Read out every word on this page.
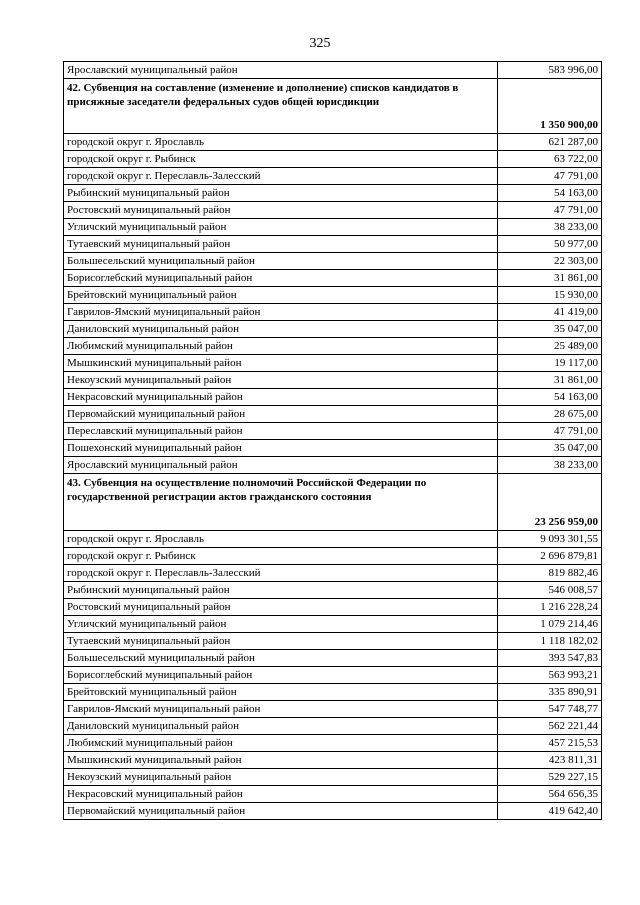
325
Ярославский муниципальный район	583 996,00
42. Субвенция на составление (изменение и дополнение) списков кандидатов в присяжные заседатели федеральных судов общей юрисдикции	1 350 900,00
городской округ г. Ярославль	621 287,00
городской округ г. Рыбинск	63 722,00
городской округ г. Переславль-Залесский	47 791,00
Рыбинский муниципальный район	54 163,00
Ростовский муниципальный район	47 791,00
Угличский муниципальный район	38 233,00
Тутаевский муниципальный район	50 977,00
Большесельский муниципальный район	22 303,00
Борисоглебский муниципальный район	31 861,00
Брейтовский муниципальный район	15 930,00
Гаврилов-Ямский муниципальный район	41 419,00
Даниловский муниципальный район	35 047,00
Любимский муниципальный район	25 489,00
Мышкинский муниципальный район	19 117,00
Некоузский муниципальный район	31 861,00
Некрасовский муниципальный район	54 163,00
Первомайский муниципальный район	28 675,00
Переславский муниципальный район	47 791,00
Пошехонский муниципальный район	35 047,00
Ярославский муниципальный район	38 233,00
43. Субвенция на осуществление полномочий Российской Федерации по государственной регистрации актов гражданского состояния	23 256 959,00
городской округ г. Ярославль	9 093 301,55
городской округ г. Рыбинск	2 696 879,81
городской округ г. Переславль-Залесский	819 882,46
Рыбинский муниципальный район	546 008,57
Ростовский муниципальный район	1 216 228,24
Угличский муниципальный район	1 079 214,46
Тутаевский муниципальный район	1 118 182,02
Большесельский муниципальный район	393 547,83
Борисоглебский муниципальный район	563 993,21
Брейтовский муниципальный район	335 890,91
Гаврилов-Ямский муниципальный район	547 748,77
Даниловский муниципальный район	562 221,44
Любимский муниципальный район	457 215,53
Мышкинский муниципальный район	423 811,31
Некоузский муниципальный район	529 227,15
Некрасовский муниципальный район	564 656,35
Первомайский муниципальный район	419 642,40
